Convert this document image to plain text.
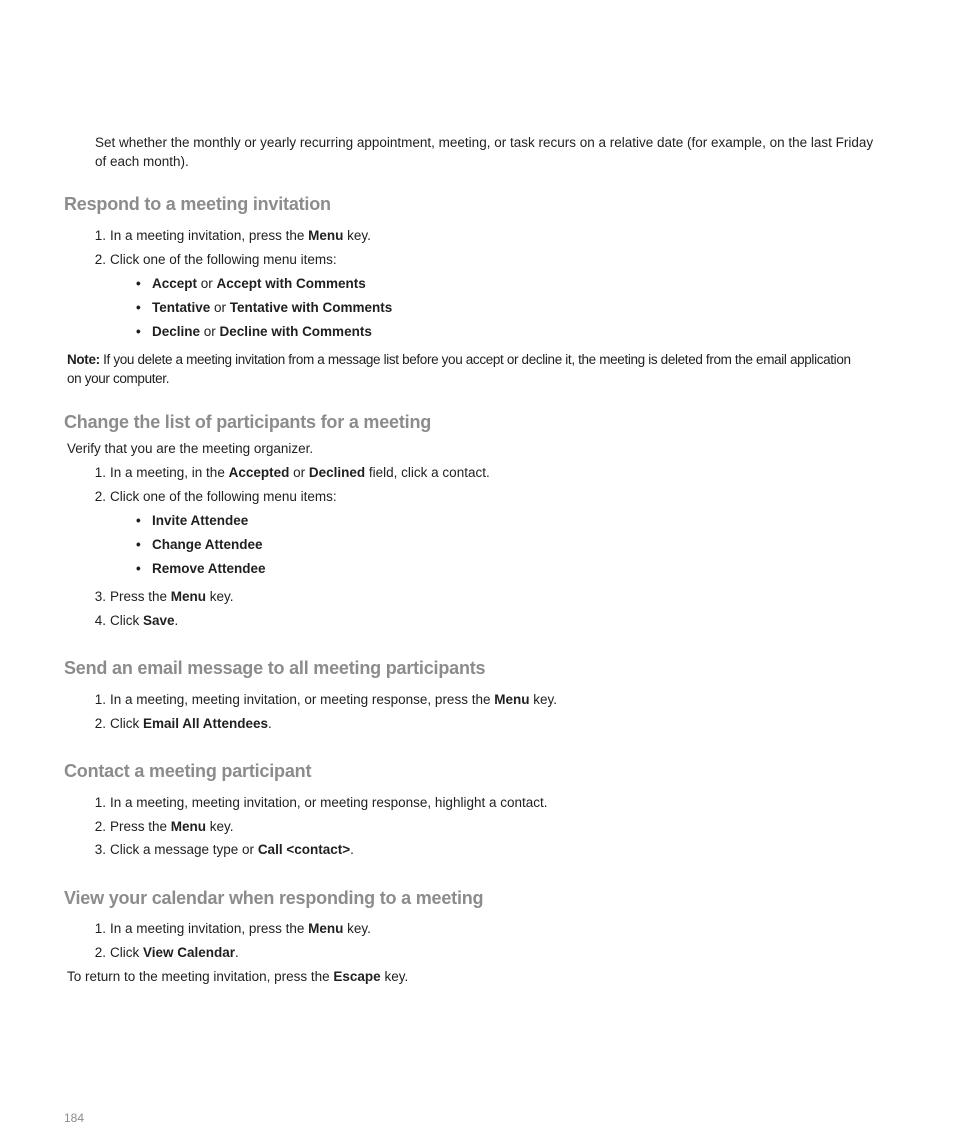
Set whether the monthly or yearly recurring appointment, meeting, or task recurs on a relative date (for example, on the last Friday
of each month).
Respond to a meeting invitation
1. In a meeting invitation, press the Menu key.
2. Click one of the following menu items:
• Accept or Accept with Comments
• Tentative or Tentative with Comments
• Decline or Decline with Comments
Note: If you delete a meeting invitation from a message list before you accept or decline it, the meeting is deleted from the email application
on your computer.
Change the list of participants for a meeting
Verify that you are the meeting organizer.
1. In a meeting, in the Accepted or Declined field, click a contact.
2. Click one of the following menu items:
• Invite Attendee
• Change Attendee
• Remove Attendee
3. Press the Menu key.
4. Click Save.
Send an email message to all meeting participants
1. In a meeting, meeting invitation, or meeting response, press the Menu key.
2. Click Email All Attendees.
Contact a meeting participant
1. In a meeting, meeting invitation, or meeting response, highlight a contact.
2. Press the Menu key.
3. Click a message type or Call <contact>.
View your calendar when responding to a meeting
1. In a meeting invitation, press the Menu key.
2. Click View Calendar.
To return to the meeting invitation, press the Escape key.
184
